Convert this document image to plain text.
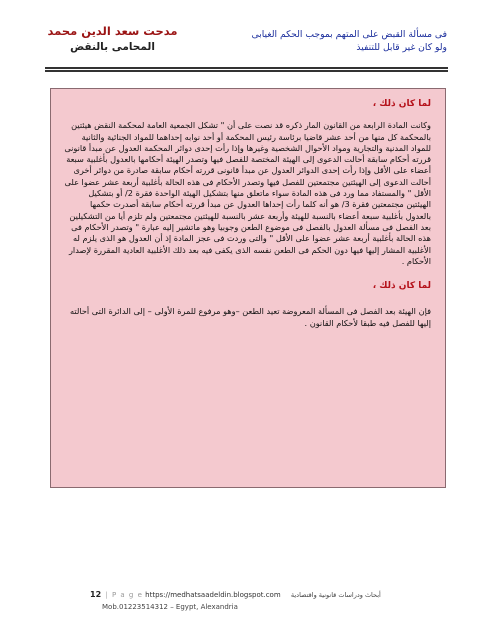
مدحت سعد الدين محمد
المحامى بالنقض
فى مسألة القبض على المتهم بموجب الحكم الغيابى
ولو كان غير قابل للتنفيذ

لما كان ذلك ،

وكانت المادة الرابعة من القانون المار ذكره قد نصت على أن " تشكل الجمعية العامة لمحكمة النقض هيئتين بالمحكمة كل منها من أحد عشر قاضيا برئاسة رئيس المحكمة أو أحد نوابه إحداهما للمواد الجنائية والثانية للمواد المدنية والتجارية ومواد الأحوال الشخصية وغيرها وإذا رأت إحدى دوائر المحكمة العدول عن مبدأ قانونى قررته أحكام سابقة أحالت الدعوى إلى الهيئة المختصة للفصل فيها وتصدر الهيئة أحكامها بالعدول بأغلبية سبعة أعضاء على الأقل وإذا رأت إحدى الدوائر العدول عن مبدأ قانونى قررته أحكام سابقة صادرة من دوائر أخرى أحالت الدعوى إلى الهيئتين مجتمعتين للفصل فيها وتصدر الأحكام فى هذه الحالة بأغلبية أربعة عشر عضوا على الأقل " والمستفاد مما ورد فى هذه المادة سواء ماتعلق منها بتشكيل الهيئة الواحدة فقرة 2/ أو بتشكيل الهيئتين مجتمعتين فقرة 3/ هو أنه كلما رأت إحداها العدول عن مبدأ قررته أحكام سابقة أصدرت حكمها بالعدول بأغلبية سبعة أعضاء بالنسبة للهيئة وأربعة عشر بالنسبة للهيئتين مجتمعتين ولم تلزم أيا من التشكيلين بعد الفصل فى مسألة العدول بالفصل فى موضوع الطعن وجوبيا وهو ماتشير إليه عبارة " وتصدر الأحكام فى هذه الحالة بأغلبية أربعة عشر عضوا على الأقل " والتى وردت فى عجز المادة إذ أن العدول هو الذى يلزم له الأغلبية المشار إليها فيها دون الحكم فى الطعن نفسه الذى يكفى فيه بعد ذلك الأغلبية العادية المقررة لإصدار الأحكام .

لما كان ذلك ،

فإن الهيئة بعد الفصل فى المسألة المعروضة تعيد الطعن –وهو مرفوع للمرة الأولى – إلى الدائرة التى أحالته إليها للفصل فيه طبقا لأحكام القانون .

12 | P a g e https://medhatsaadeldin.blogspot.com أبحاث ودراسات قانونية واقتصادية
Mob.01223514312 – Egypt, Alexandria
